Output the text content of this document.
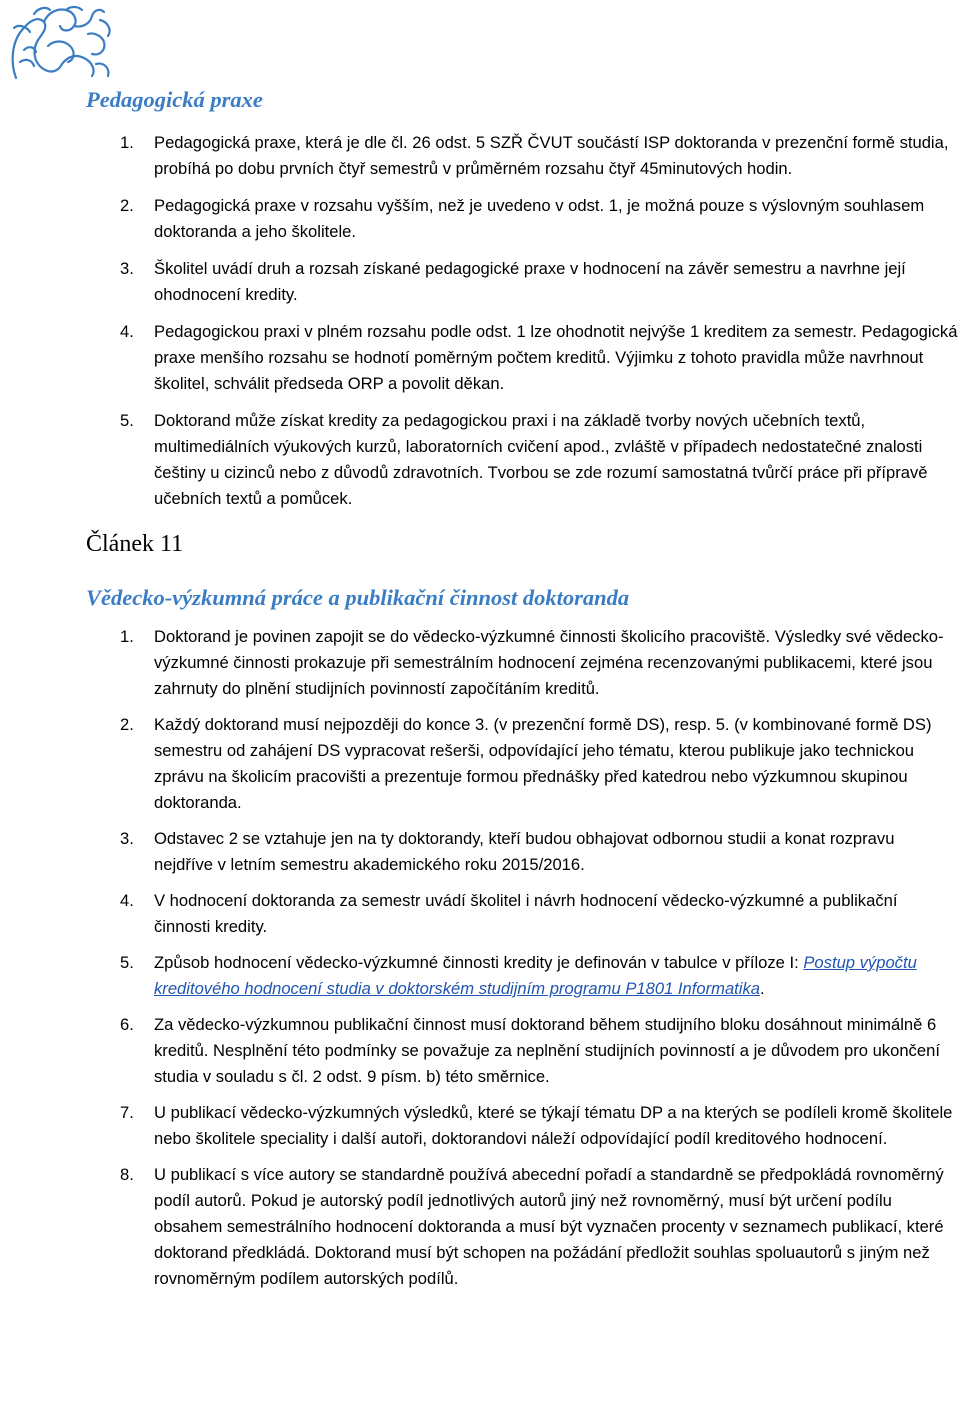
Pedagogická praxe
1. Pedagogická praxe, která je dle čl. 26 odst. 5 SZŘ ČVUT součástí ISP doktoranda v prezenční formě studia, probíhá po dobu prvních čtyř semestrů v průměrném rozsahu čtyř 45minutových hodin.
2. Pedagogická praxe v rozsahu vyšším, než je uvedeno v odst. 1, je možná pouze s výslovným souhlasem doktoranda a jeho školitele.
3. Školitel uvádí druh a rozsah získané pedagogické praxe v hodnocení na závěr semestru a navrhne její ohodnocení kredity.
4. Pedagogickou praxi v plném rozsahu podle odst. 1 lze ohodnotit nejvýše 1 kreditem za semestr. Pedagogická praxe menšího rozsahu se hodnotí poměrným počtem kreditů. Výjimku z tohoto pravidla může navrhnout školitel, schválit předseda ORP a povolit děkan.
5. Doktorand může získat kredity za pedagogickou praxi i na základě tvorby nových učebních textů, multimediálních výukových kurzů, laboratorních cvičení apod., zvláště v případech nedostatečné znalosti češtiny u cizinců nebo z důvodů zdravotních. Tvorbou se zde rozumí samostatná tvůrčí práce při přípravě učebních textů a pomůcek.
Článek 11
Vědecko-výzkumná práce a publikační činnost doktoranda
1. Doktorand je povinen zapojit se do vědecko-výzkumné činnosti školicího pracoviště. Výsledky své vědecko-výzkumné činnosti prokazuje při semestrálním hodnocení zejména recenzovanými publikacemi, které jsou zahrnuty do plnění studijních povinností započítáním kreditů.
2. Každý doktorand musí nejpozději do konce 3. (v prezenční formě DS), resp. 5. (v kombinované formě DS) semestru od zahájení DS vypracovat rešerši, odpovídající jeho tématu, kterou publikuje jako technickou zprávu na školicím pracovišti a prezentuje formou přednášky před katedrou nebo výzkumnou skupinou doktoranda.
3. Odstavec 2 se vztahuje jen na ty doktorandy, kteří budou obhajovat odbornou studii a konat rozpravu nejdříve v letním semestru akademického roku 2015/2016.
4. V hodnocení doktoranda za semestr uvádí školitel i návrh hodnocení vědecko-výzkumné a publikační činnosti kredity.
5. Způsob hodnocení vědecko-výzkumné činnosti kredity je definován v tabulce v příloze I: Postup výpočtu kreditového hodnocení studia v doktorském studijním programu P1801 Informatika.
6. Za vědecko-výzkumnou publikační činnost musí doktorand během studijního bloku dosáhnout minimálně 6 kreditů. Nesplnění této podmínky se považuje za neplnění studijních povinností a je důvodem pro ukončení studia v souladu s čl. 2 odst. 9 písm. b) této směrnice.
7. U publikací vědecko-výzkumných výsledků, které se týkají tématu DP a na kterých se podíleli kromě školitele nebo školitele speciality i další autoři, doktorandovi náleží odpovídající podíl kreditového hodnocení.
8. U publikací s více autory se standardně používá abecední pořadí a standardně se předpokládá rovnoměrný podíl autorů. Pokud je autorský podíl jednotlivých autorů jiný než rovnoměrný, musí být určení podílu obsahem semestrálního hodnocení doktoranda a musí být vyznačen procenty v seznamech publikací, které doktorand předkládá. Doktorand musí být schopen na požádání předložit souhlas spoluautorů s jiným než rovnoměrným podílem autorských podílů.
